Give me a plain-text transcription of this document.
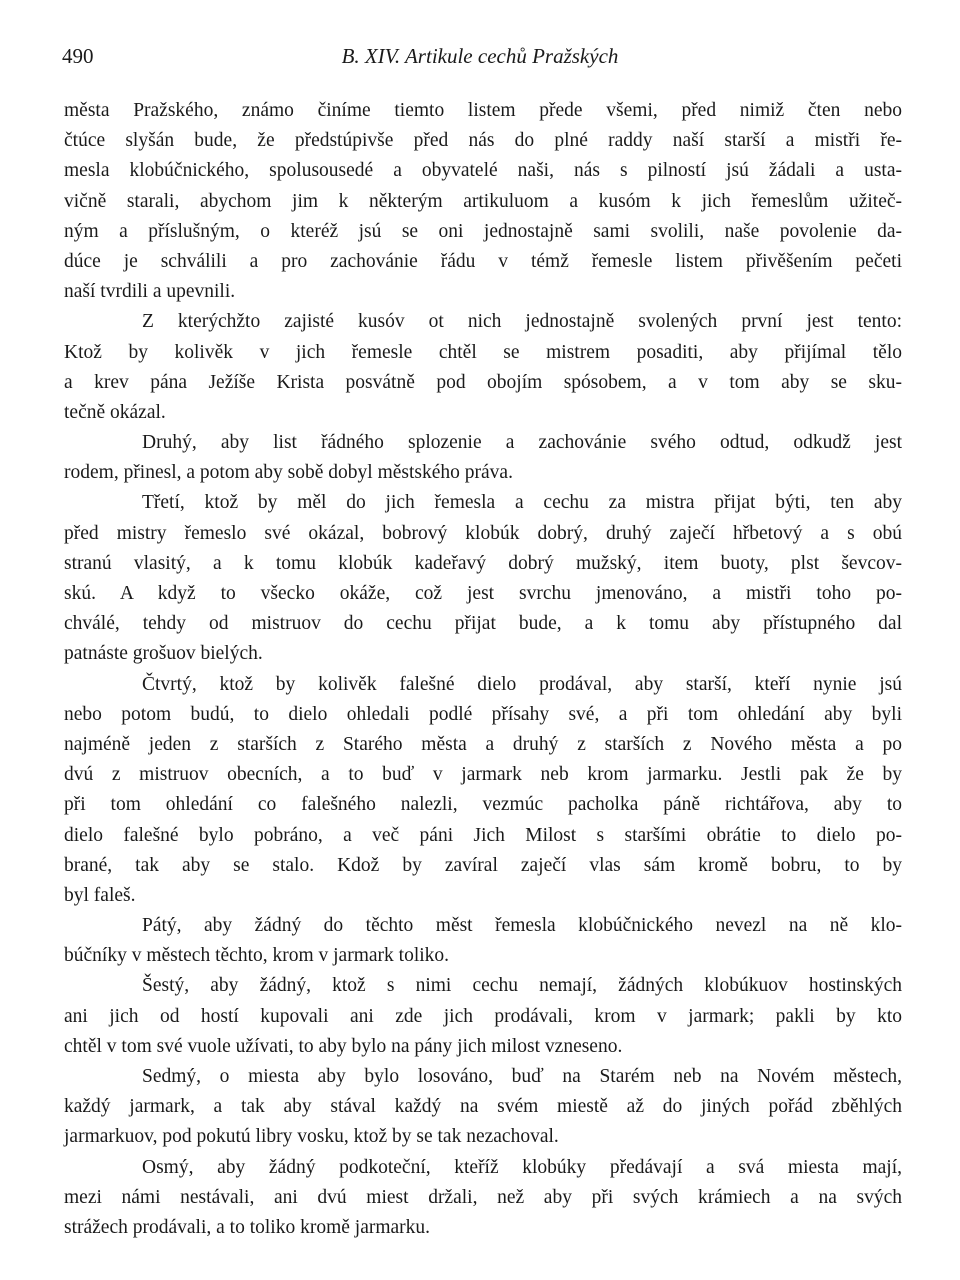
490	B. XIV. Artikule cechů Pražských
města Pražského, známo činíme tiemto listem přede všemi, před nimiž čten nebo
čtúce slyšán bude, že předstúpivše před nás do plné raddy naší starší a mistři ře-
mesla klobúčnického, spolusousedé a obyvatelé naši, nás s pilností jsú žádali a usta-
vičně starali, abychom jim k některým artikuluom a kusóm k jich řemeslům užiteč-
ným a příslušným, o kteréž jsú se oni jednostajně sami svolili, naše povolenie da-
dúce je schválili a pro zachovánie řádu v témž řemesle listem přivěšením pečeti
naší tvrdili a upevnili.
Z kterýchžto zajisté kusóv ot nich jednostajně svolených první jest tento:
Ktož by kolivěk v jich řemesle chtěl se mistrem posaditi, aby přijímal tělo
a krev pána Ježíše Krista posvátně pod obojím spósobem, a v tom aby se sku-
tečně okázal.
Druhý, aby list řádného splozenie a zachovánie svého odtud, odkudž jest
rodem, přinesl, a potom aby sobě dobyl městského práva.
Třetí, ktož by měl do jich řemesla a cechu za mistra přijat býti, ten aby
před mistry řemeslo své okázal, bobrový klobúk dobrý, druhý zaječí hřbetový a s obú
stranú vlasitý, a k tomu klobúk kadeřavý dobrý mužský, item buoty, plst ševcov-
skú. A když to všecko okáže, což jest svrchu jmenováno, a mistři toho po-
chválé, tehdy od mistruov do cechu přijat bude, a k tomu aby přístupného dal
patnáste grošuov bielých.
Čtvrtý, ktož by kolivěk falešné dielo prodával, aby starší, kteří nynie jsú
nebo potom budú, to dielo ohledali podlé přísahy své, a při tom ohledání aby byli
najméně jeden z starších z Starého města a druhý z starších z Nového města a po
dvú z mistruov obecních, a to buď v jarmark neb krom jarmarku. Jestli pak že by
při tom ohledání co falešného nalezli, vezmúc pacholka páně richtářova, aby to
dielo falešné bylo pobráno, a več páni Jich Milost s staršími obrátie to dielo po-
brané, tak aby se stalo. Kdož by zavíral zaječí vlas sám kromě bobru, to by
byl faleš.
Pátý, aby žádný do těchto měst řemesla klobúčnického nevezl na ně klo-
búčníky v městech těchto, krom v jarmark toliko.
Šestý, aby žádný, ktož s nimi cechu nemají, žádných klobúkuov hostinských
ani jich od hostí kupovali ani zde jich prodávali, krom v jarmark; pakli by kto
chtěl v tom své vuole užívati, to aby bylo na pány jich milost vzneseno.
Sedmý, o miesta aby bylo losováno, buď na Starém neb na Novém městech,
každý jarmark, a tak aby stával každý na svém miestě až do jiných pořád zběhlých
jarmarkuov, pod pokutú libry vosku, ktož by se tak nezachoval.
Osmý, aby žádný podkoteční, kteříž klobúky předávají a svá miesta mají,
mezi námi nestávali, ani dvú miest držali, než aby při svých krámiech a na svých
strážech prodávali, a to toliko kromě jarmarku.
